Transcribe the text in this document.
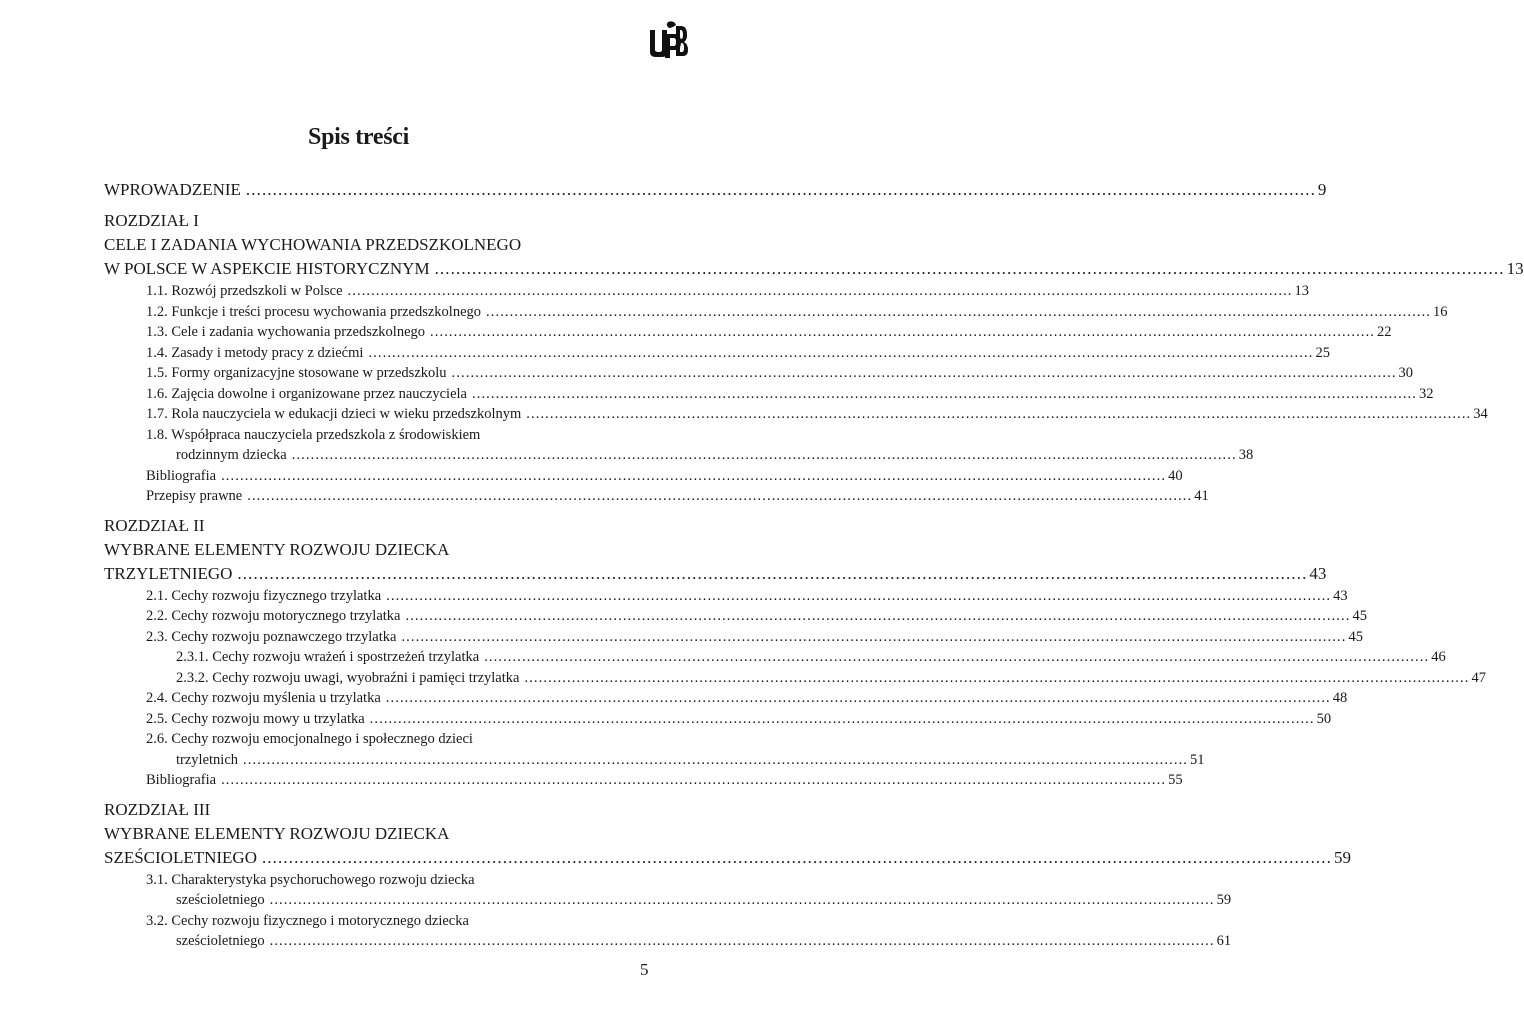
Spis treści
WPROWADZENIE ........................................................................................................................................................................................................ 9
ROZDZIAŁ I
CELE I ZADANIA WYCHOWANIA PRZEDSZKOLNEGO
W POLSCE W ASPEKCIE HISTORYCZNYM ........................................................................................................................................................................................................ 13
1.1. Rozwój przedszkoli w Polsce ........................................................................................................................................................................................................ 13
1.2. Funkcje i treści procesu wychowania przedszkolnego ........................................................................................................................................................................................................ 16
1.3. Cele i zadania wychowania przedszkolnego ........................................................................................................................................................................................................ 22
1.4. Zasady i metody pracy z dziećmi ........................................................................................................................................................................................................ 25
1.5. Formy organizacyjne stosowane w przedszkolu ........................................................................................................................................................................................................ 30
1.6. Zajęcia dowolne i organizowane przez nauczyciela ........................................................................................................................................................................................................ 32
1.7. Rola nauczyciela w edukacji dzieci w wieku przedszkolnym ........................................................................................................................................................................................................ 34
1.8. Współpraca nauczyciela przedszkola z środowiskiem
rodzinnym dziecka ........................................................................................................................................................................................................ 38
Bibliografia ........................................................................................................................................................................................................ 40
Przepisy prawne ........................................................................................................................................................................................................ 41
ROZDZIAŁ II
WYBRANE ELEMENTY ROZWOJU DZIECKA
TRZYLETNIEGO ........................................................................................................................................................................................................ 43
2.1. Cechy rozwoju fizycznego trzylatka ........................................................................................................................................................................................................ 43
2.2. Cechy rozwoju motorycznego trzylatka ........................................................................................................................................................................................................ 45
2.3. Cechy rozwoju poznawczego trzylatka ........................................................................................................................................................................................................ 45
2.3.1. Cechy rozwoju wrażeń i spostrzeżeń trzylatka ........................................................................................................................................................................................................ 46
2.3.2. Cechy rozwoju uwagi, wyobraźni i pamięci trzylatka ........................................................................................................................................................................................................ 47
2.4. Cechy rozwoju myślenia u trzylatka ........................................................................................................................................................................................................ 48
2.5. Cechy rozwoju mowy u trzylatka ........................................................................................................................................................................................................ 50
2.6. Cechy rozwoju emocjonalnego i społecznego dzieci
trzyletnich ........................................................................................................................................................................................................ 51
Bibliografia ........................................................................................................................................................................................................ 55
ROZDZIAŁ III
WYBRANE ELEMENTY ROZWOJU DZIECKA
SZEŚCIOLETNIEGO ........................................................................................................................................................................................................ 59
3.1. Charakterystyka psychoruchowego rozwoju dziecka
sześcioletniego ........................................................................................................................................................................................................ 59
3.2. Cechy rozwoju fizycznego i motorycznego dziecka
sześcioletniego ........................................................................................................................................................................................................ 61
5
